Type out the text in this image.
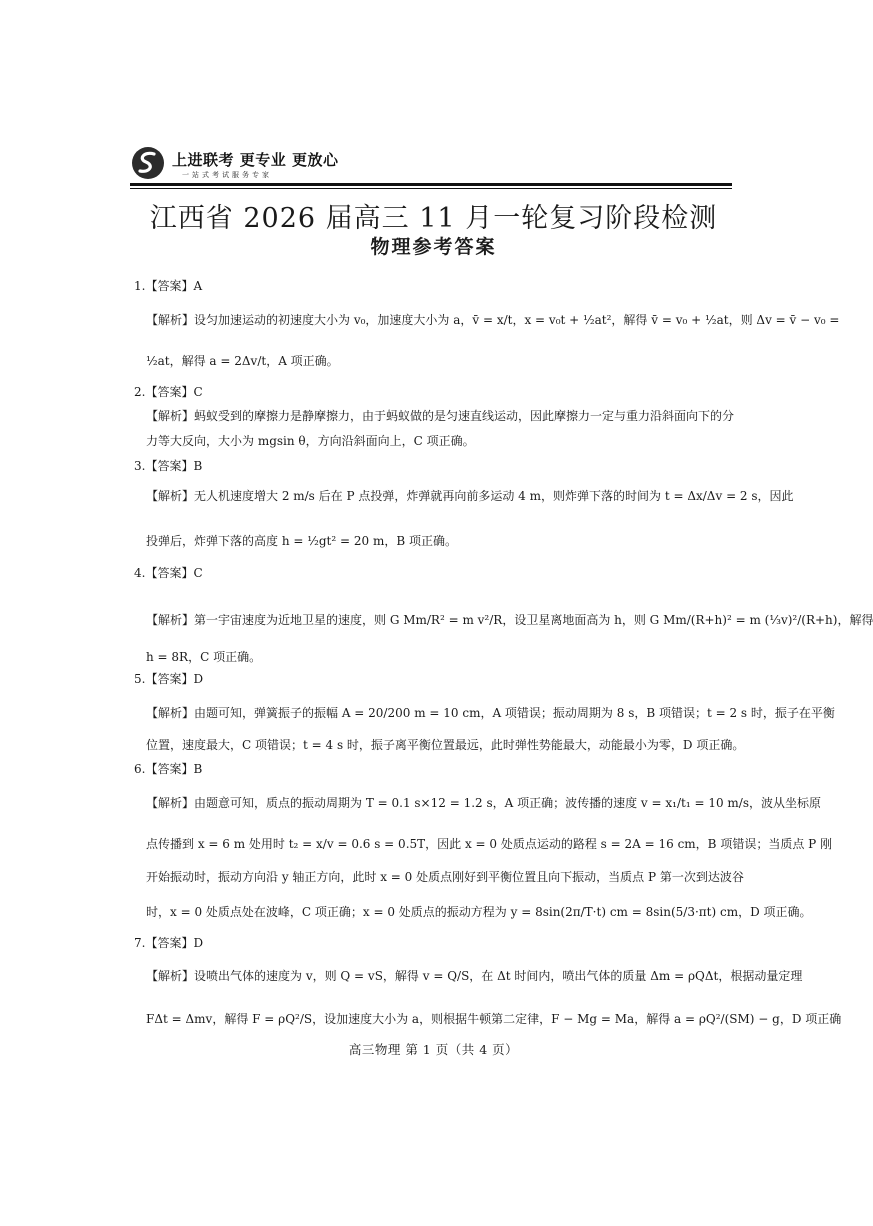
上进联考 更专业 更放心
一站式考试服务专家
江西省 2026 届高三 11 月一轮复习阶段检测
物理参考答案
1.【答案】A
【解析】设匀加速运动的初速度大小为 v₀，加速度大小为 a，v̄ = x/t，x = v₀t + ½at²，解得 v̄ = v₀ + ½at，则 Δv = v̄ − v₀ =
½at，解得 a = 2Δv/t，A 项正确。
2.【答案】C
【解析】蚂蚁受到的摩擦力是静摩擦力，由于蚂蚁做的是匀速直线运动，因此摩擦力一定与重力沿斜面向下的分
力等大反向，大小为 mgsin θ，方向沿斜面向上，C 项正确。
3.【答案】B
【解析】无人机速度增大 2 m/s 后在 P 点投弹，炸弹就再向前多运动 4 m，则炸弹下落的时间为 t = Δx/Δv = 2 s，因此
投弹后，炸弹下落的高度 h = ½gt² = 20 m，B 项正确。
4.【答案】C
【解析】第一宇宙速度为近地卫星的速度，则 G Mm/R² = m v²/R，设卫星离地面高为 h，则 G Mm/(R+h)² = m (⅓v)²/(R+h)，解得
h = 8R，C 项正确。
5.【答案】D
【解析】由题可知，弹簧振子的振幅 A = 20/200 m = 10 cm，A 项错误；振动周期为 8 s，B 项错误；t = 2 s 时，振子在平衡
位置，速度最大，C 项错误；t = 4 s 时，振子离平衡位置最远，此时弹性势能最大，动能最小为零，D 项正确。
6.【答案】B
【解析】由题意可知，质点的振动周期为 T = 0.1 s×12 = 1.2 s，A 项正确；波传播的速度 v = x₁/t₁ = 10 m/s，波从坐标原
点传播到 x = 6 m 处用时 t₂ = x/v = 0.6 s = 0.5T，因此 x = 0 处质点运动的路程 s = 2A = 16 cm，B 项错误；当质点 P 刚
开始振动时，振动方向沿 y 轴正方向，此时 x = 0 处质点刚好到平衡位置且向下振动，当质点 P 第一次到达波谷
时，x = 0 处质点处在波峰，C 项正确；x = 0 处质点的振动方程为 y = 8sin(2π/T·t) cm = 8sin(5/3·πt) cm，D 项正确。
7.【答案】D
【解析】设喷出气体的速度为 v，则 Q = vS，解得 v = Q/S，在 Δt 时间内，喷出气体的质量 Δm = ρQΔt，根据动量定理
FΔt = Δmv，解得 F = ρQ²/S，设加速度大小为 a，则根据牛顿第二定律，F − Mg = Ma，解得 a = ρQ²/(SM) − g，D 项正确
高三物理 第 1 页（共 4 页）
